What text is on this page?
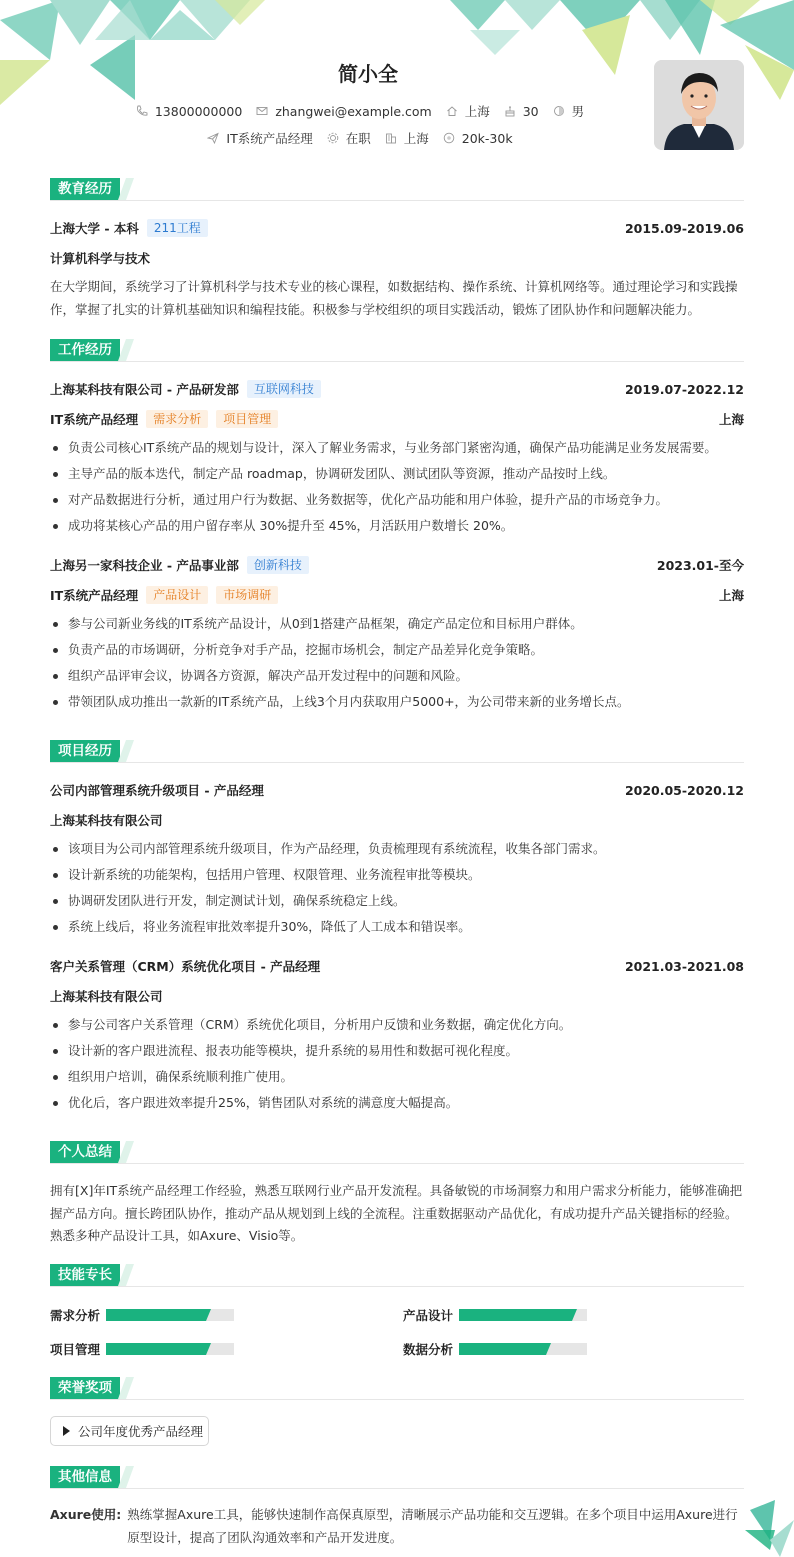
简小全
13800000000	zhangwei@example.com	上海	30	男
IT系统产品经理	在职	上海	20k-30k
教育经历
上海大学 - 本科	211工程	2015.09-2019.06
计算机科学与技术
在大学期间，系统学习了计算机科学与技术专业的核心课程，如数据结构、操作系统、计算机网络等。通过理论学习和实践操作，掌握了扎实的计算机基础知识和编程技能。积极参与学校组织的项目实践活动，锻炼了团队协作和问题解决能力。
工作经历
上海某科技有限公司 - 产品研发部	互联网科技	2019.07-2022.12
IT系统产品经理	需求分析	项目管理	上海
负责公司核心IT系统产品的规划与设计，深入了解业务需求，与业务部门紧密沟通，确保产品功能满足业务发展需要。
主导产品的版本迭代，制定产品 roadmap，协调研发团队、测试团队等资源，推动产品按时上线。
对产品数据进行分析，通过用户行为数据、业务数据等，优化产品功能和用户体验，提升产品的市场竞争力。
成功将某核心产品的用户留存率从 30%提升至 45%，月活跃用户数增长 20%。
上海另一家科技企业 - 产品事业部	创新科技	2023.01-至今
IT系统产品经理	产品设计	市场调研	上海
参与公司新业务线的IT系统产品设计，从0到1搭建产品框架，确定产品定位和目标用户群体。
负责产品的市场调研，分析竞争对手产品，挖掘市场机会，制定产品差异化竞争策略。
组织产品评审会议，协调各方资源，解决产品开发过程中的问题和风险。
带领团队成功推出一款新的IT系统产品，上线3个月内获取用户5000+，为公司带来新的业务增长点。
项目经历
公司内部管理系统升级项目 - 产品经理	2020.05-2020.12
上海某科技有限公司
该项目为公司内部管理系统升级项目，作为产品经理，负责梳理现有系统流程，收集各部门需求。
设计新系统的功能架构，包括用户管理、权限管理、业务流程审批等模块。
协调研发团队进行开发，制定测试计划，确保系统稳定上线。
系统上线后，将业务流程审批效率提升30%，降低了人工成本和错误率。
客户关系管理（CRM）系统优化项目 - 产品经理	2021.03-2021.08
上海某科技有限公司
参与公司客户关系管理（CRM）系统优化项目，分析用户反馈和业务数据，确定优化方向。
设计新的客户跟进流程、报表功能等模块，提升系统的易用性和数据可视化程度。
组织用户培训，确保系统顺利推广使用。
优化后，客户跟进效率提升25%，销售团队对系统的满意度大幅提高。
个人总结
拥有[X]年IT系统产品经理工作经验，熟悉互联网行业产品开发流程。具备敏锐的市场洞察力和用户需求分析能力，能够准确把握产品方向。擅长跨团队协作，推动产品从规划到上线的全流程。注重数据驱动产品优化，有成功提升产品关键指标的经验。熟悉多种产品设计工具，如Axure、Visio等。
技能专长
需求分析	产品设计
项目管理	数据分析
荣誉奖项
公司年度优秀产品经理
其他信息
Axure使用: 熟练掌握Axure工具，能够快速制作高保真原型，清晰展示产品功能和交互逻辑。在多个项目中运用Axure进行原型设计，提高了团队沟通效率和产品开发进度。
